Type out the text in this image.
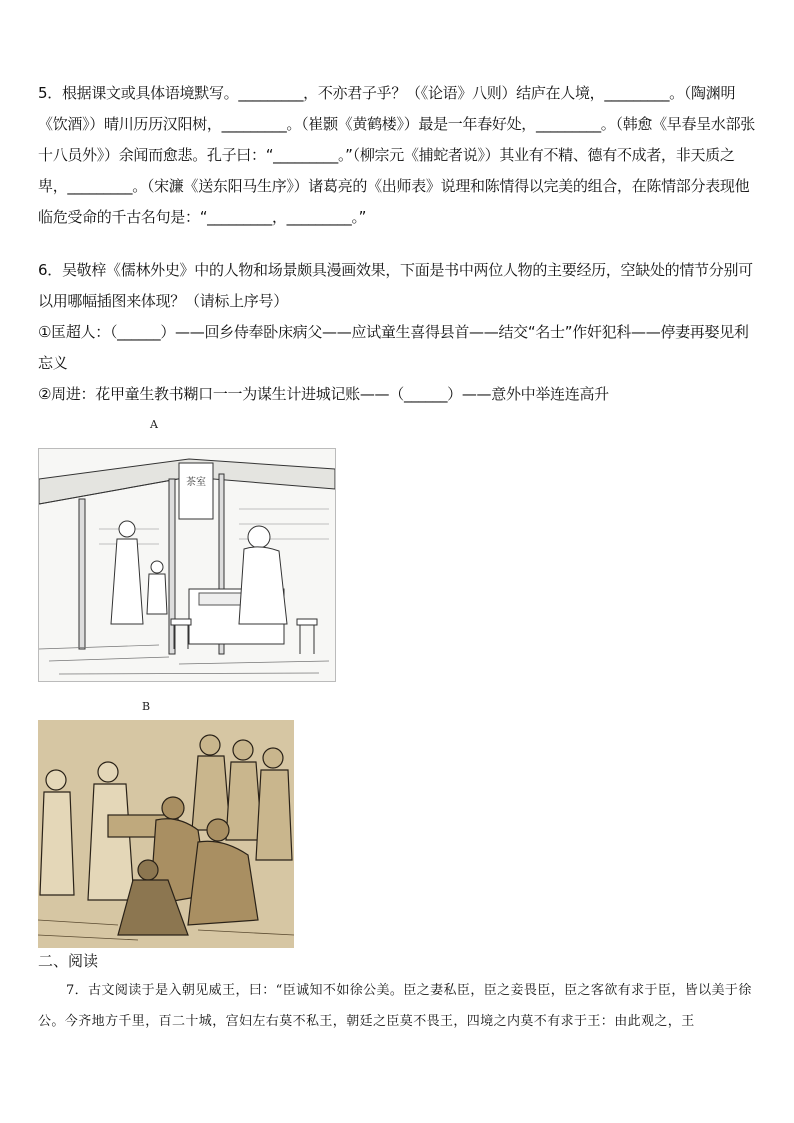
5．根据课文或具体语境默写。_________，不亦君子乎？（《论语》八则）结庐在人境，_________。（陶渊明《饮酒》）晴川历历汉阳树，_________。（崔颢《黄鹤楼》）最是一年春好处，_________。（韩愈《早春呈水部张十八员外》）余闻而愈悲。孔子曰：“_________。”（柳宗元《捕蛇者说》）其业有不精、德有不成者，非天质之卑，_________。（宋濂《送东阳马生序》）诸葛亮的《出师表》说理和陈情得以完美的组合，在陈情部分表现他临危受命的千古名句是：“_________，_________。”

6．吴敬梓《儒林外史》中的人物和场景颇具漫画效果，下面是书中两位人物的主要经历，空缺处的情节分别可以用哪幅插图来体现？（请标上序号）

①匡超人：（______）——回乡侍奉卧床病父——应试童生喜得县首——结交“名士”作奸犯科——停妻再娶见利忘义

②周进：花甲童生教书糊口一一为谋生计进城记账——（______）——意外中举连连高升

A
茶室
B
二、阅读
7．古文阅读于是入朝见威王，曰：“臣诚知不如徐公美。臣之妻私臣，臣之妾畏臣，臣之客欲有求于臣，皆以美于徐公。今齐地方千里，百二十城，宫妇左右莫不私王，朝廷之臣莫不畏王，四境之内莫不有求于王：由此观之，王
